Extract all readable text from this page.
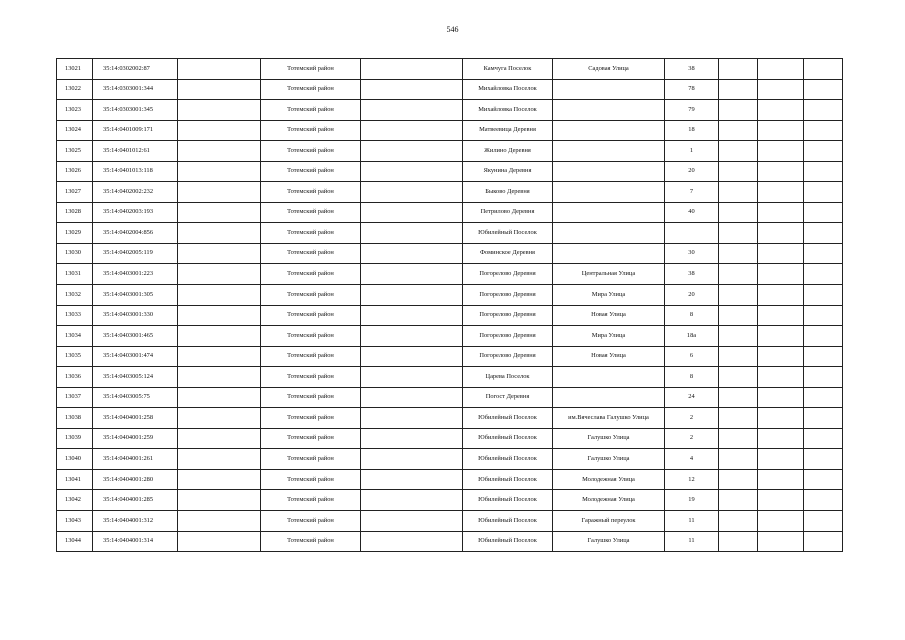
546
13021	35:14:0302002:87		Тотемский район		Камчуга Поселок	Садовая Улица	38			
13022	35:14:0303001:344		Тотемский район		Михайловка Поселок		78			
13023	35:14:0303001:345		Тотемский район		Михайловка Поселок		79			
13024	35:14:0401009:171		Тотемский район		Матвеевица Деревня		18			
13025	35:14:0401012:61		Тотемский район		Жилино Деревня		1			
13026	35:14:0401013:118		Тотемский район		Якунина Деревня		20			
13027	35:14:0402002:232		Тотемский район		Быково Деревня		7			
13028	35:14:0402003:193		Тотемский район		Петрилово Деревня		40			
13029	35:14:0402004:856		Тотемский район		Юбилейный Поселок					
13030	35:14:0402005:119		Тотемский район		Фоминское Деревня		30			
13031	35:14:0403001:223		Тотемский район		Погорелово Деревня	Центральная Улица	38			
13032	35:14:0403001:305		Тотемский район		Погорелово Деревня	Мира Улица	20			
13033	35:14:0403001:330		Тотемский район		Погорелово Деревня	Новая Улица	8			
13034	35:14:0403001:465		Тотемский район		Погорелово Деревня	Мира Улица	18а			
13035	35:14:0403001:474		Тотемский район		Погорелово Деревня	Новая Улица	6			
13036	35:14:0403005:124		Тотемский район		Царева Поселок		8			
13037	35:14:0403005:75		Тотемский район		Погост Деревня		24			
13038	35:14:0404001:258		Тотемский район		Юбилейный Поселок	им.Вячеслава Галушко Улица	2			
13039	35:14:0404001:259		Тотемский район		Юбилейный Поселок	Галушко Улица	2			
13040	35:14:0404001:261		Тотемский район		Юбилейный Поселок	Галушко Улица	4			
13041	35:14:0404001:280		Тотемский район		Юбилейный Поселок	Молодежная Улица	12			
13042	35:14:0404001:285		Тотемский район		Юбилейный Поселок	Молодежная Улица	19			
13043	35:14:0404001:312		Тотемский район		Юбилейный Поселок	Гаражный переулок	11			
13044	35:14:0404001:314		Тотемский район		Юбилейный Поселок	Галушко Улица	11			
